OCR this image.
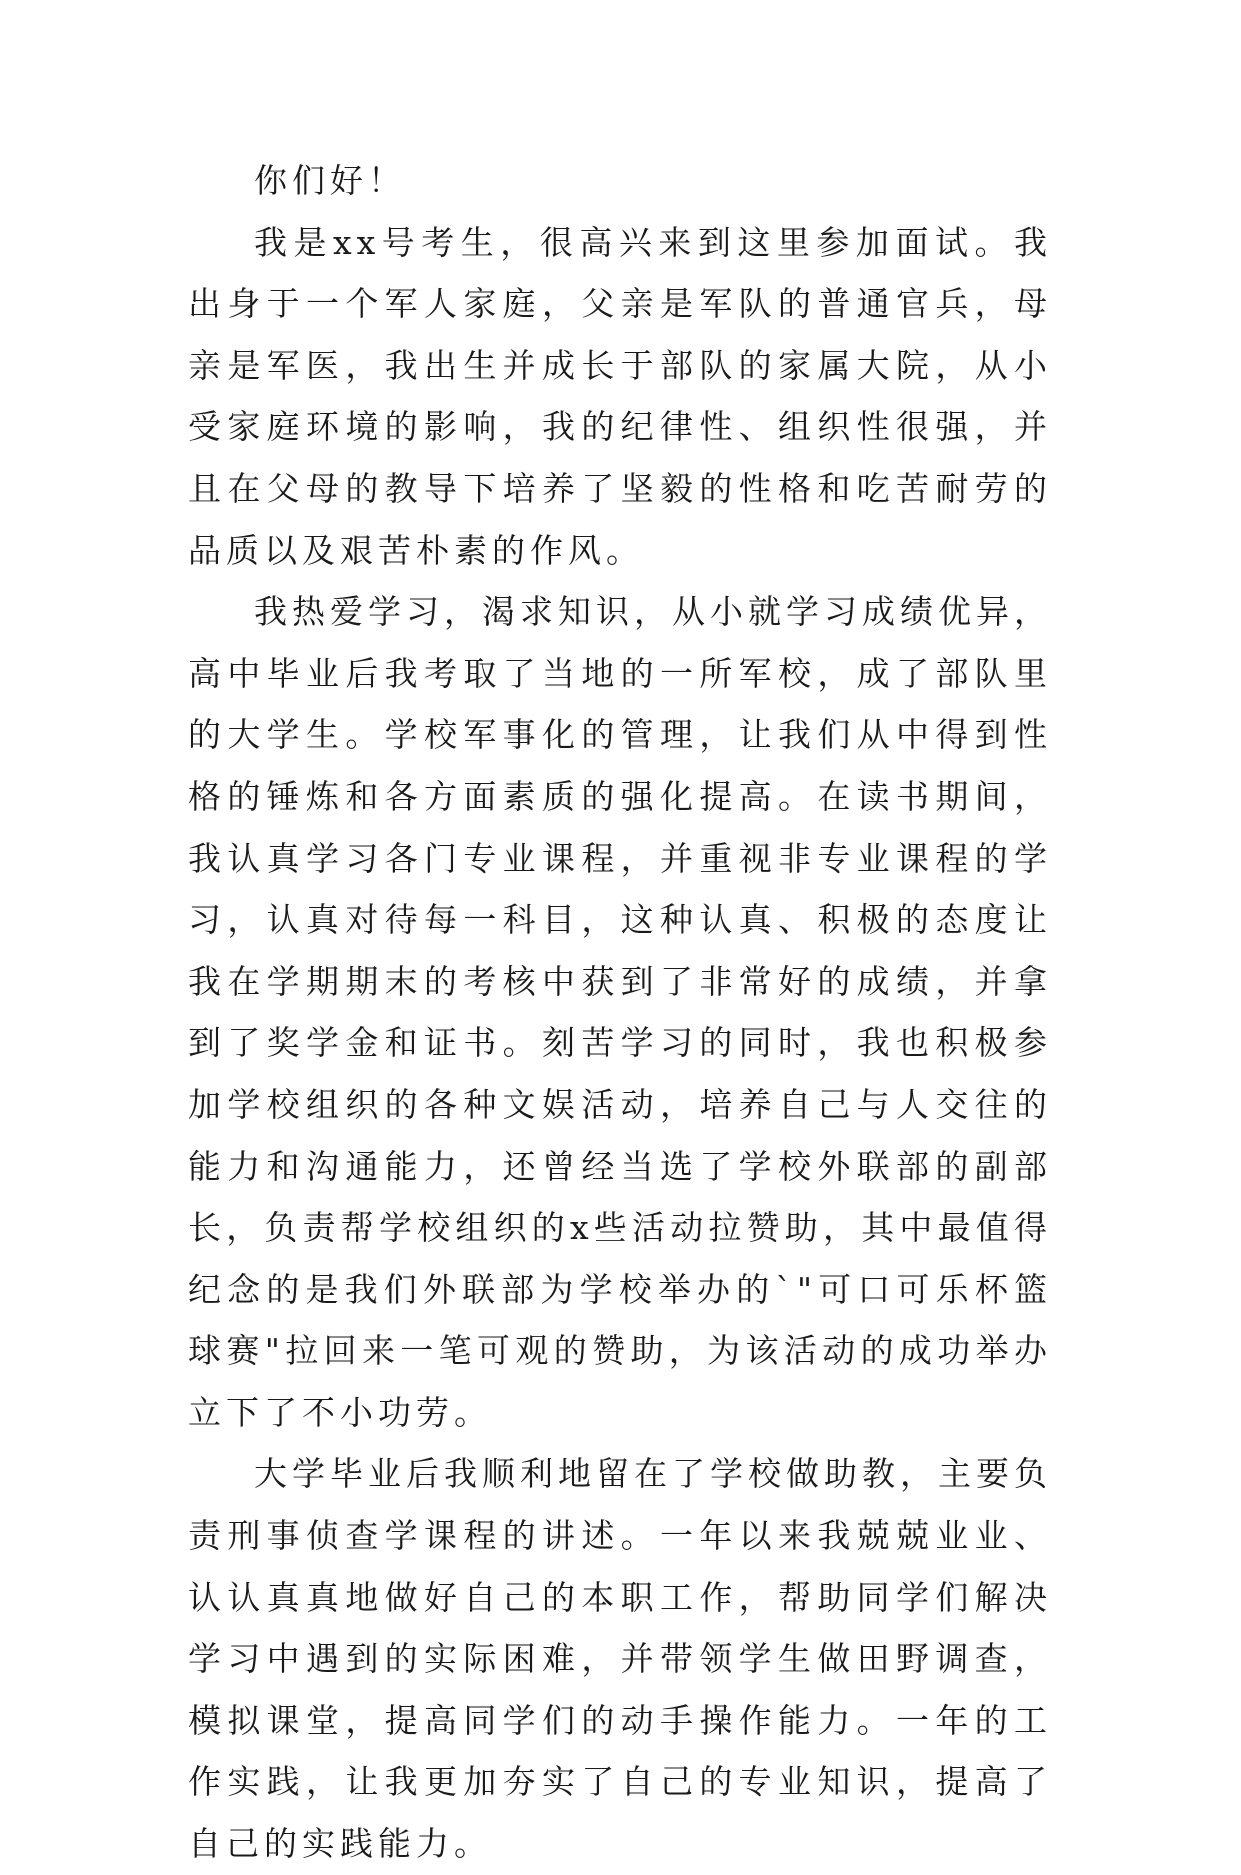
你们好！

我是xx号考生，很高兴来到这里参加面试。我出身于一个军人家庭，父亲是军队的普通官兵，母亲是军医，我出生并成长于部队的家属大院，从小受家庭环境的影响，我的纪律性、组织性很强，并且在父母的教导下培养了坚毅的性格和吃苦耐劳的品质以及艰苦朴素的作风。

我热爱学习，渴求知识，从小就学习成绩优异，高中毕业后我考取了当地的一所军校，成了部队里的大学生。学校军事化的管理，让我们从中得到性格的锤炼和各方面素质的强化提高。在读书期间，我认真学习各门专业课程，并重视非专业课程的学习，认真对待每一科目，这种认真、积极的态度让我在学期期末的考核中获到了非常好的成绩，并拿到了奖学金和证书。刻苦学习的同时，我也积极参加学校组织的各种文娱活动，培养自己与人交往的能力和沟通能力，还曾经当选了学校外联部的副部长，负责帮学校组织的x些活动拉赞助，其中最值得纪念的是我们外联部为学校举办的`"可口可乐杯篮球赛"拉回来一笔可观的赞助，为该活动的成功举办立下了不小功劳。

大学毕业后我顺利地留在了学校做助教，主要负责刑事侦查学课程的讲述。一年以来我兢兢业业、认认真真地做好自己的本职工作，帮助同学们解决学习中遇到的实际困难，并带领学生做田野调查，模拟课堂，提高同学们的动手操作能力。一年的工作实践，让我更加夯实了自己的专业知识，提高了自己的实践能力。
